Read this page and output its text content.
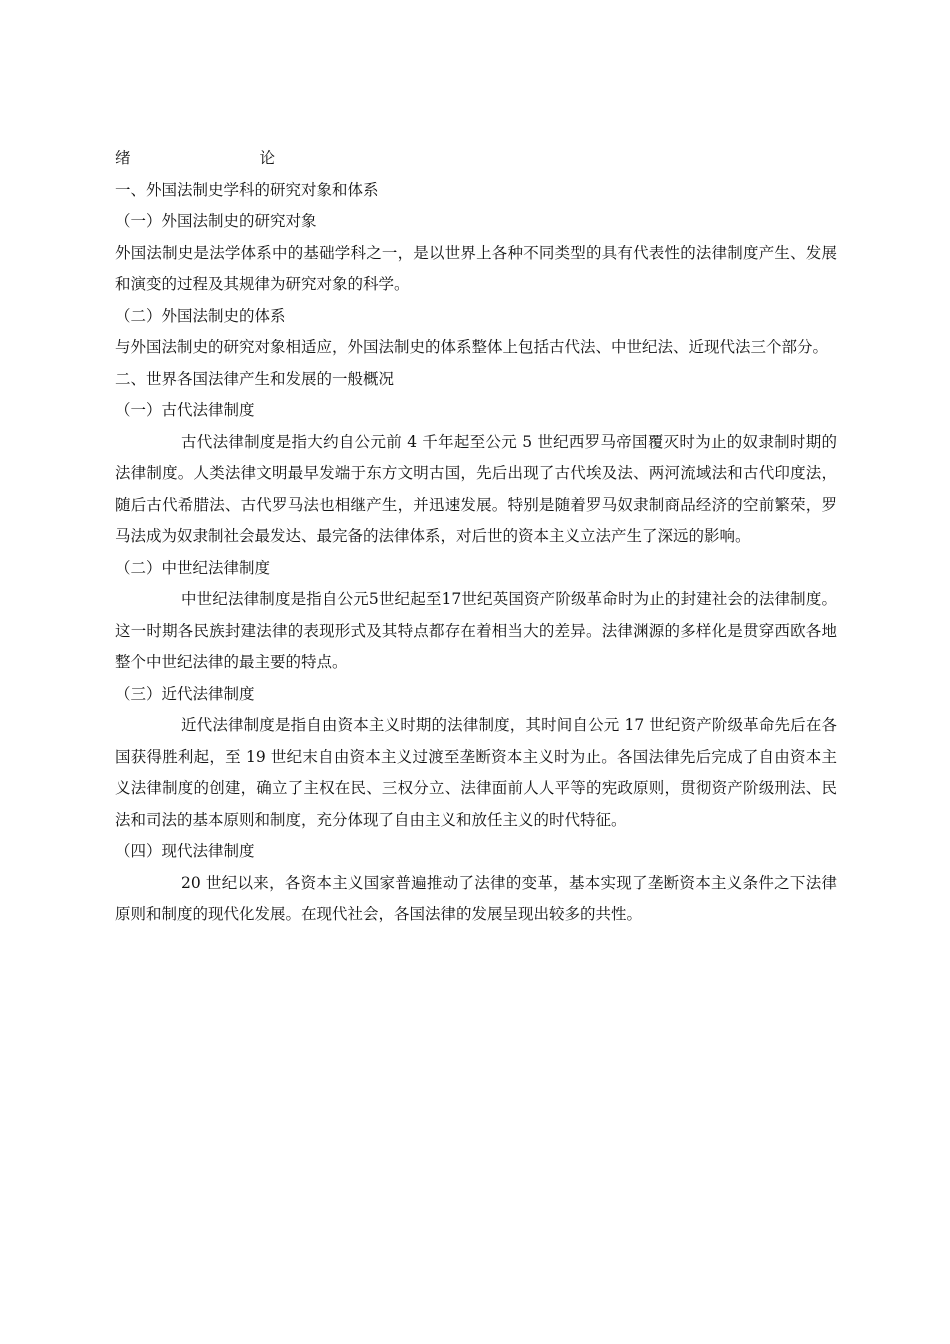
绪	论
一、外国法制史学科的研究对象和体系
（一）外国法制史的研究对象

外国法制史是法学体系中的基础学科之一，是以世界上各种不同类型的具有代表性的法律制度产生、发展和演变的过程及其规律为研究对象的科学。

（二）外国法制史的体系

与外国法制史的研究对象相适应，外国法制史的体系整体上包括古代法、中世纪法、近现代法三个部分。

二、世界各国法律产生和发展的一般概况
（一）古代法律制度

古代法律制度是指大约自公元前 4 千年起至公元 5 世纪西罗马帝国覆灭时为止的奴隶制时期的法律制度。人类法律文明最早发端于东方文明古国，先后出现了古代埃及法、两河流域法和古代印度法，随后古代希腊法、古代罗马法也相继产生，并迅速发展。特别是随着罗马奴隶制商品经济的空前繁荣，罗马法成为奴隶制社会最发达、最完备的法律体系，对后世的资本主义立法产生了深远的影响。

（二）中世纪法律制度

中世纪法律制度是指自公元5世纪起至17世纪英国资产阶级革命时为止的封建社会的法律制度。这一时期各民族封建法律的表现形式及其特点都存在着相当大的差异。法律渊源的多样化是贯穿西欧各地整个中世纪法律的最主要的特点。

（三）近代法律制度

近代法律制度是指自由资本主义时期的法律制度，其时间自公元 17 世纪资产阶级革命先后在各国获得胜利起，至 19 世纪末自由资本主义过渡至垄断资本主义时为止。各国法律先后完成了自由资本主义法律制度的创建，确立了主权在民、三权分立、法律面前人人平等的宪政原则，贯彻资产阶级刑法、民法和司法的基本原则和制度，充分体现了自由主义和放任主义的时代特征。

（四）现代法律制度

20 世纪以来，各资本主义国家普遍推动了法律的变革，基本实现了垄断资本主义条件之下法律原则和制度的现代化发展。在现代社会，各国法律的发展呈现出较多的共性。
